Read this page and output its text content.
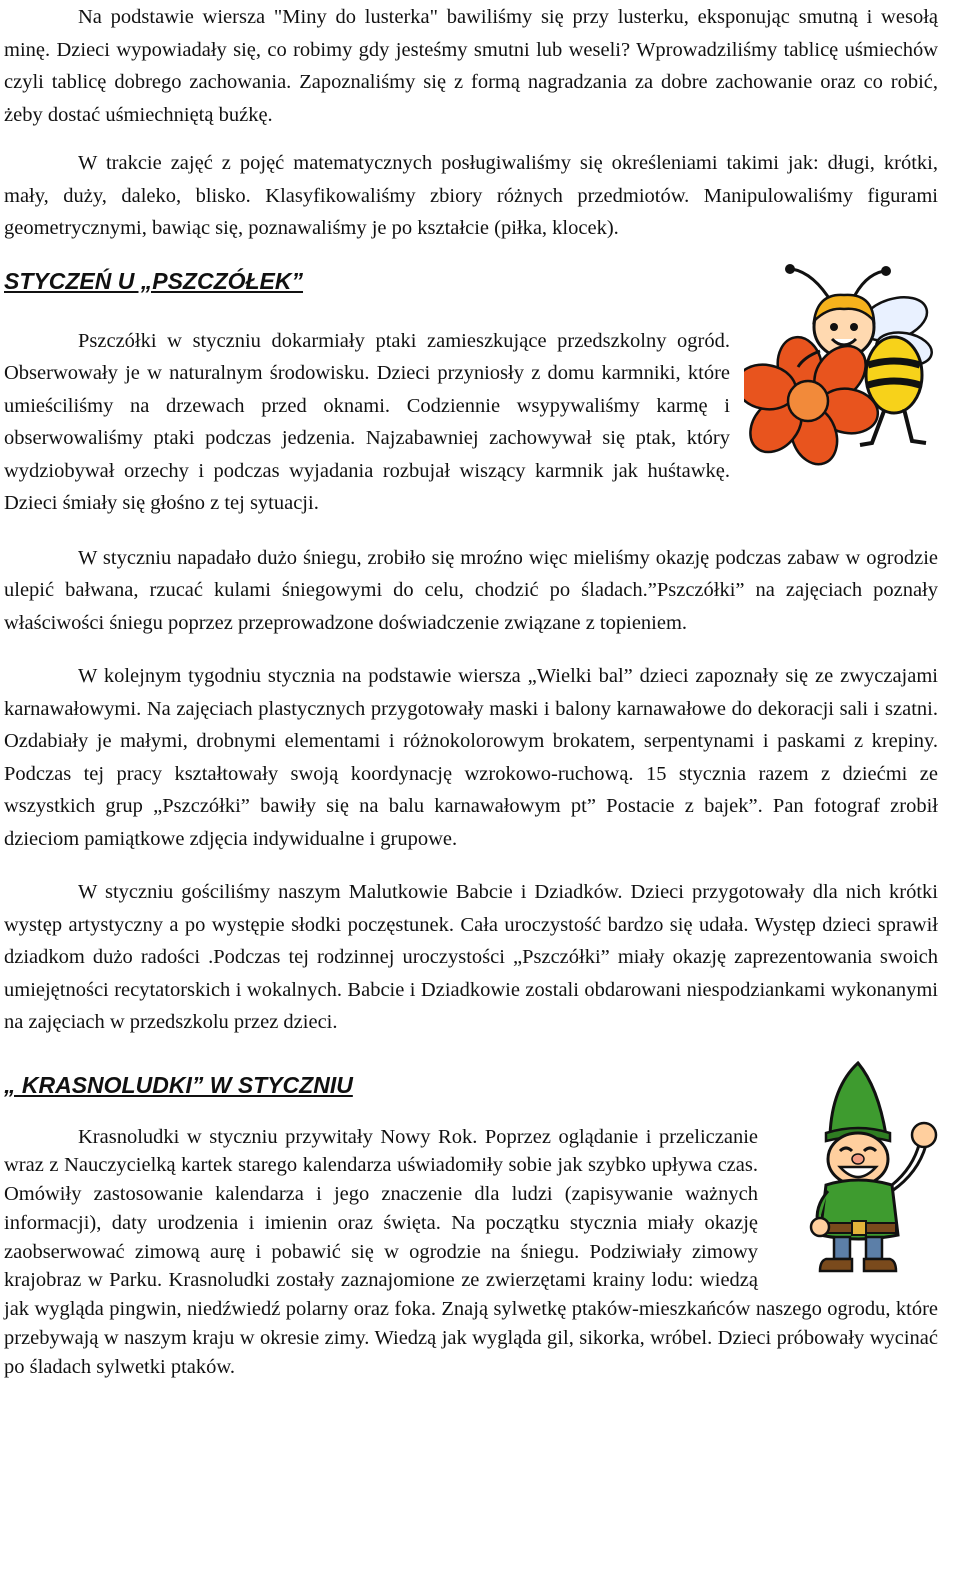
Na podstawie wiersza "Miny do lusterka" bawiliśmy się przy lusterku, eksponując smutną i wesołą minę. Dzieci wypowiadały się, co robimy gdy jesteśmy smutni lub weseli? Wprowadziliśmy tablicę uśmiechów czyli tablicę dobrego zachowania. Zapoznaliśmy się z formą nagradzania za dobre zachowanie oraz co robić, żeby dostać uśmiechniętą buźkę.

W trakcie zajęć z pojęć matematycznych posługiwaliśmy się określeniami takimi jak: długi, krótki, mały, duży, daleko, blisko. Klasyfikowaliśmy zbiory różnych przedmiotów. Manipulowaliśmy figurami geometrycznymi, bawiąc się, poznawaliśmy je po kształcie (piłka, klocek).

STYCZEŃ U „PSZCZÓŁEK”

Pszczółki w styczniu dokarmiały ptaki zamieszkujące przedszkolny ogród. Obserwowały je w naturalnym środowisku. Dzieci przyniosły z domu karmniki, które umieściliśmy na drzewach przed oknami. Codziennie wsypywaliśmy karmę i obserwowaliśmy ptaki podczas jedzenia. Najzabawniej zachowywał się ptak, który wydziobywał orzechy i podczas wyjadania rozbujał wiszący karmnik jak huśtawkę. Dzieci śmiały się głośno z tej sytuacji.

W styczniu napadało dużo śniegu, zrobiło się mroźno więc mieliśmy okazję podczas zabaw w ogrodzie ulepić bałwana, rzucać kulami śniegowymi do celu, chodzić po śladach.”Pszczółki” na zajęciach poznały właściwości śniegu poprzez przeprowadzone doświadczenie związane z topieniem.

W kolejnym tygodniu stycznia na podstawie wiersza „Wielki bal” dzieci zapoznały się ze zwyczajami karnawałowymi. Na zajęciach plastycznych przygotowały maski i balony karnawałowe do dekoracji sali i szatni. Ozdabiały je małymi, drobnymi elementami i różnokolorowym brokatem, serpentynami i paskami z krepiny. Podczas tej pracy kształtowały swoją koordynację wzrokowo-ruchową. 15 stycznia razem z dziećmi ze wszystkich grup „Pszczółki” bawiły się na balu karnawałowym pt” Postacie z bajek”. Pan fotograf zrobił dzieciom pamiątkowe zdjęcia indywidualne i grupowe.

W styczniu gościliśmy naszym Malutkowie Babcie i Dziadków. Dzieci przygotowały dla nich krótki występ artystyczny a po występie słodki poczęstunek. Cała uroczystość bardzo się udała. Występ dzieci sprawił dziadkom dużo radości .Podczas tej rodzinnej uroczystości „Pszczółki” miały okazję zaprezentowania swoich umiejętności recytatorskich i wokalnych. Babcie i Dziadkowie zostali obdarowani niespodziankami wykonanymi na zajęciach w przedszkolu przez dzieci.

„ KRASNOLUDKI” W STYCZNIU

Krasnoludki w styczniu przywitały Nowy Rok. Poprzez oglądanie i przeliczanie wraz z Nauczycielką kartek starego kalendarza uświadomiły sobie jak szybko upływa czas. Omówiły zastosowanie kalendarza i jego znaczenie dla ludzi (zapisywanie ważnych informacji), daty urodzenia i imienin oraz święta. Na początku stycznia miały okazję zaobserwować zimową aurę i pobawić się w ogrodzie na śniegu. Podziwiały zimowy krajobraz w Parku. Krasnoludki zostały zaznajomione ze zwierzętami krainy lodu: wiedzą jak wygląda pingwin, niedźwiedź polarny oraz foka. Znają sylwetkę ptaków-mieszkańców naszego ogrodu, które przebywają w naszym kraju w okresie zimy. Wiedzą jak wygląda gil, sikorka, wróbel. Dzieci próbowały wycinać po śladach sylwetki ptaków.
